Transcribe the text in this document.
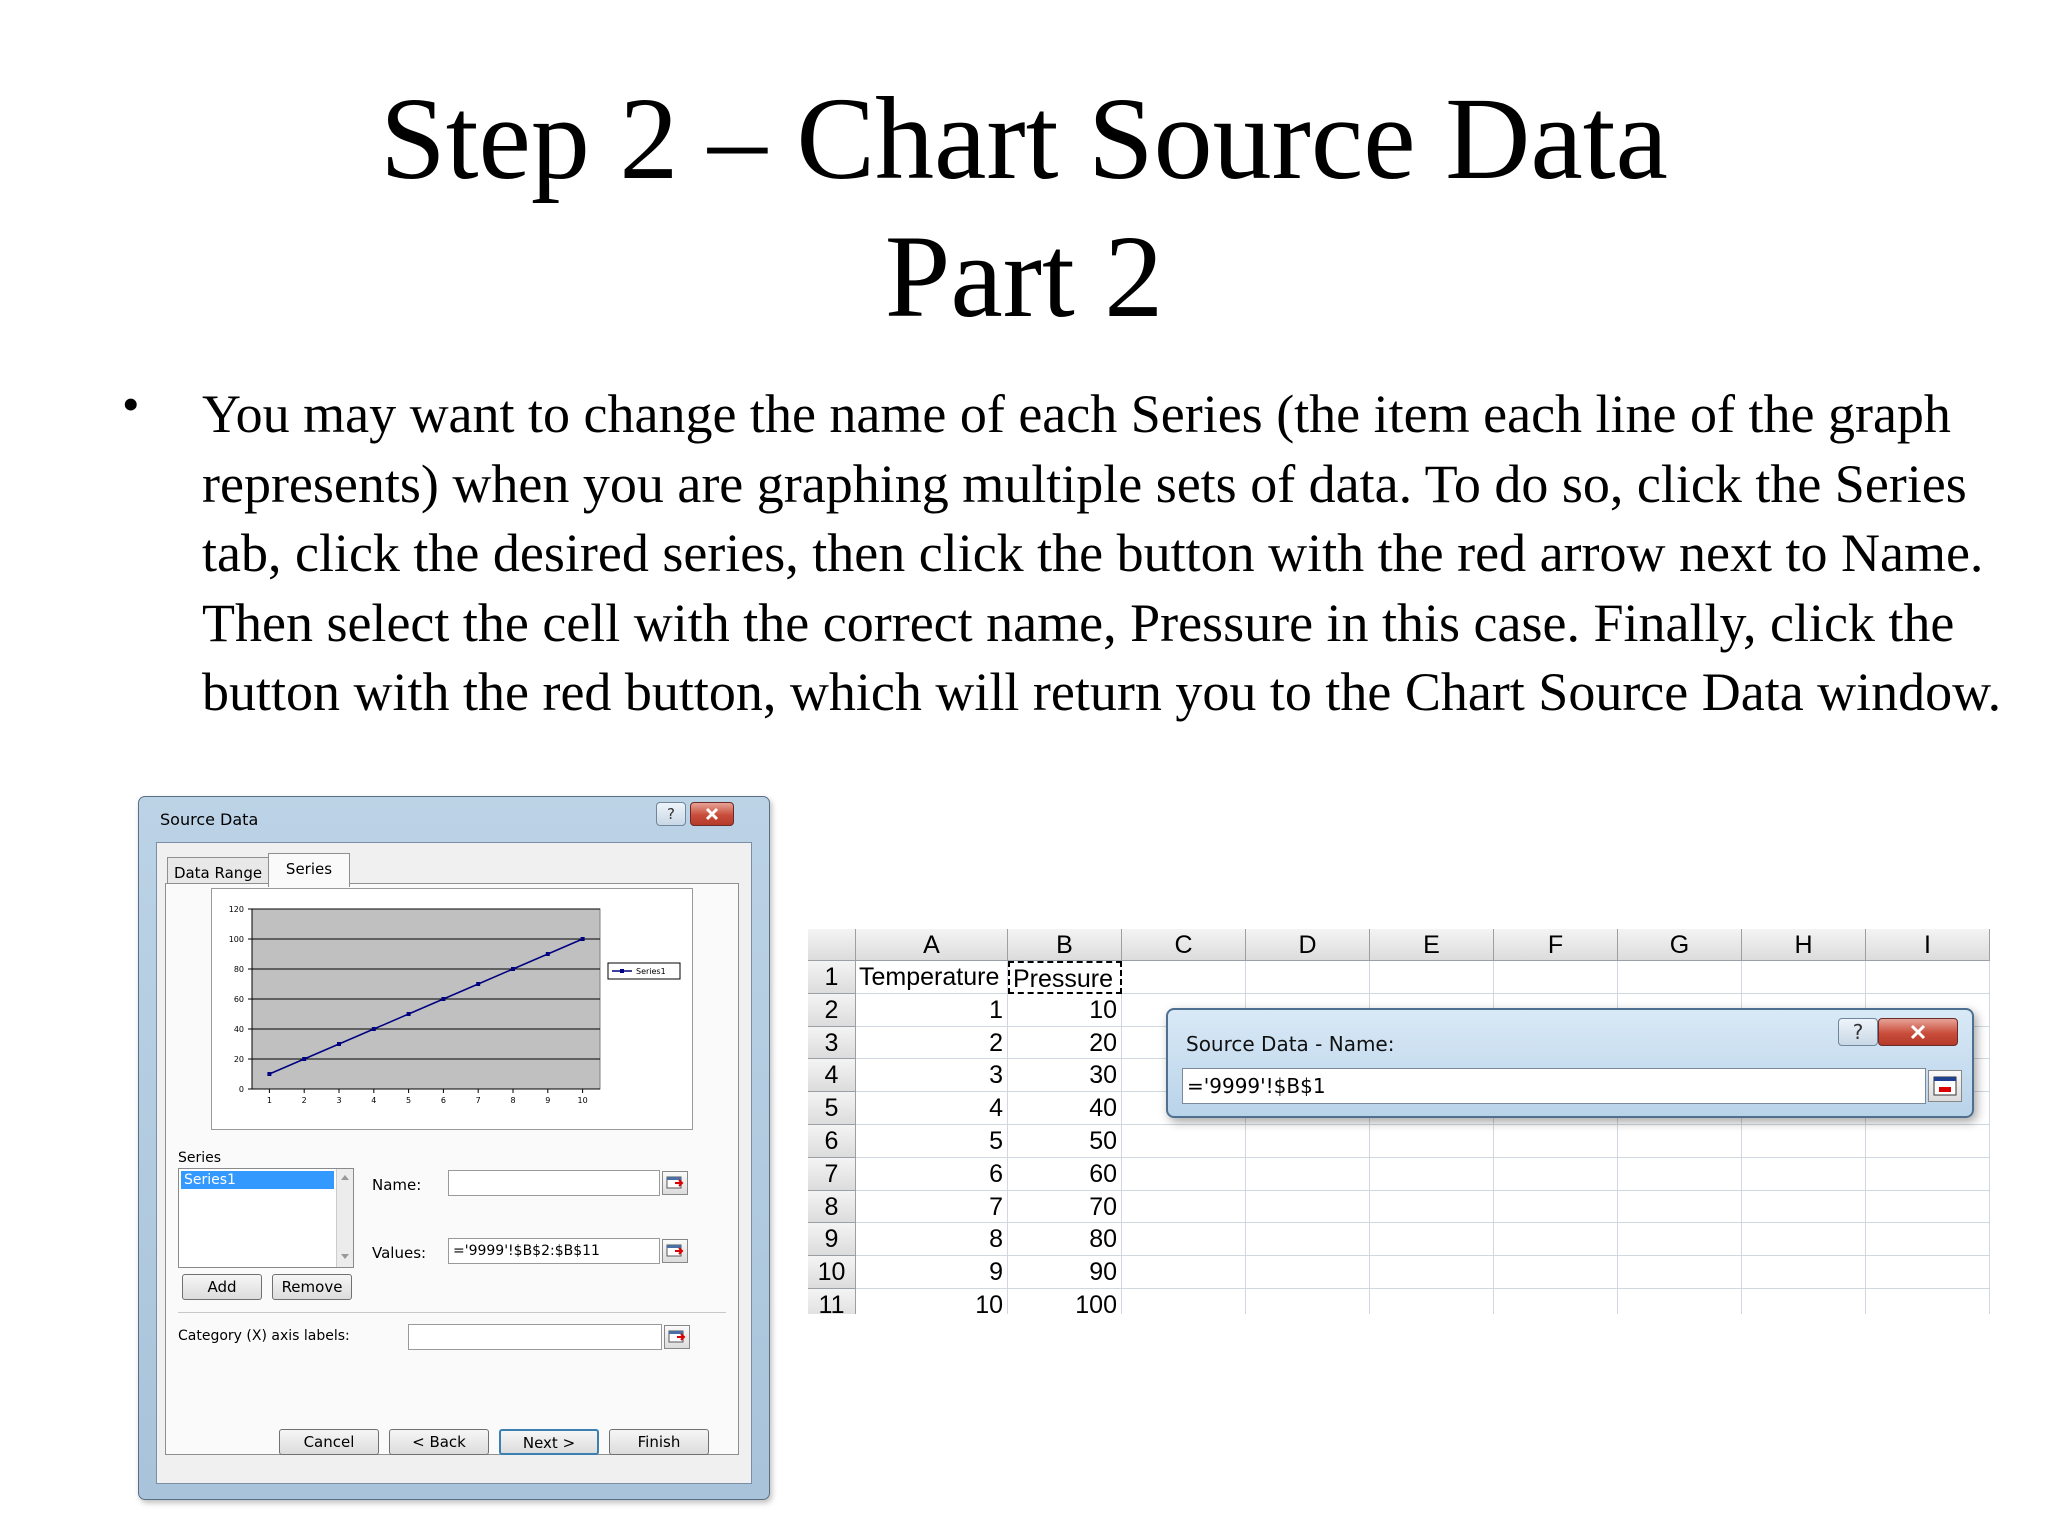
Step 2 – Chart Source Data
Part 2
• You may want to change the name of each Series (the item each line of the graph represents) when you are graphing multiple sets of data. To do so, click the Series tab, click the desired series, then click the button with the red arrow next to Name. Then select the cell with the correct name, Pressure in this case. Finally, click the button with the red button, which will return you to the Chart Source Data window.
Source Data	?
Data Range	Series
0
20
40
60
80
100
120
1	2	3	4	5	6	7	8	9	10
Series1
Series
Series1	Name:
Values:	='9999'!$B$2:$B$11
Add	Remove
Category (X) axis labels:
Cancel	< Back	Next >	Finish
A	B	C	D	E	F	G	H	I
1 Temperature Pressure
2	1	10
3	2	20
4	3	30
5	4	40
6	5	50
7	6	60
8	7	70
9	8	80
10	9	90
11	10	100
Source Data - Name:	?
='9999'!$B$1
